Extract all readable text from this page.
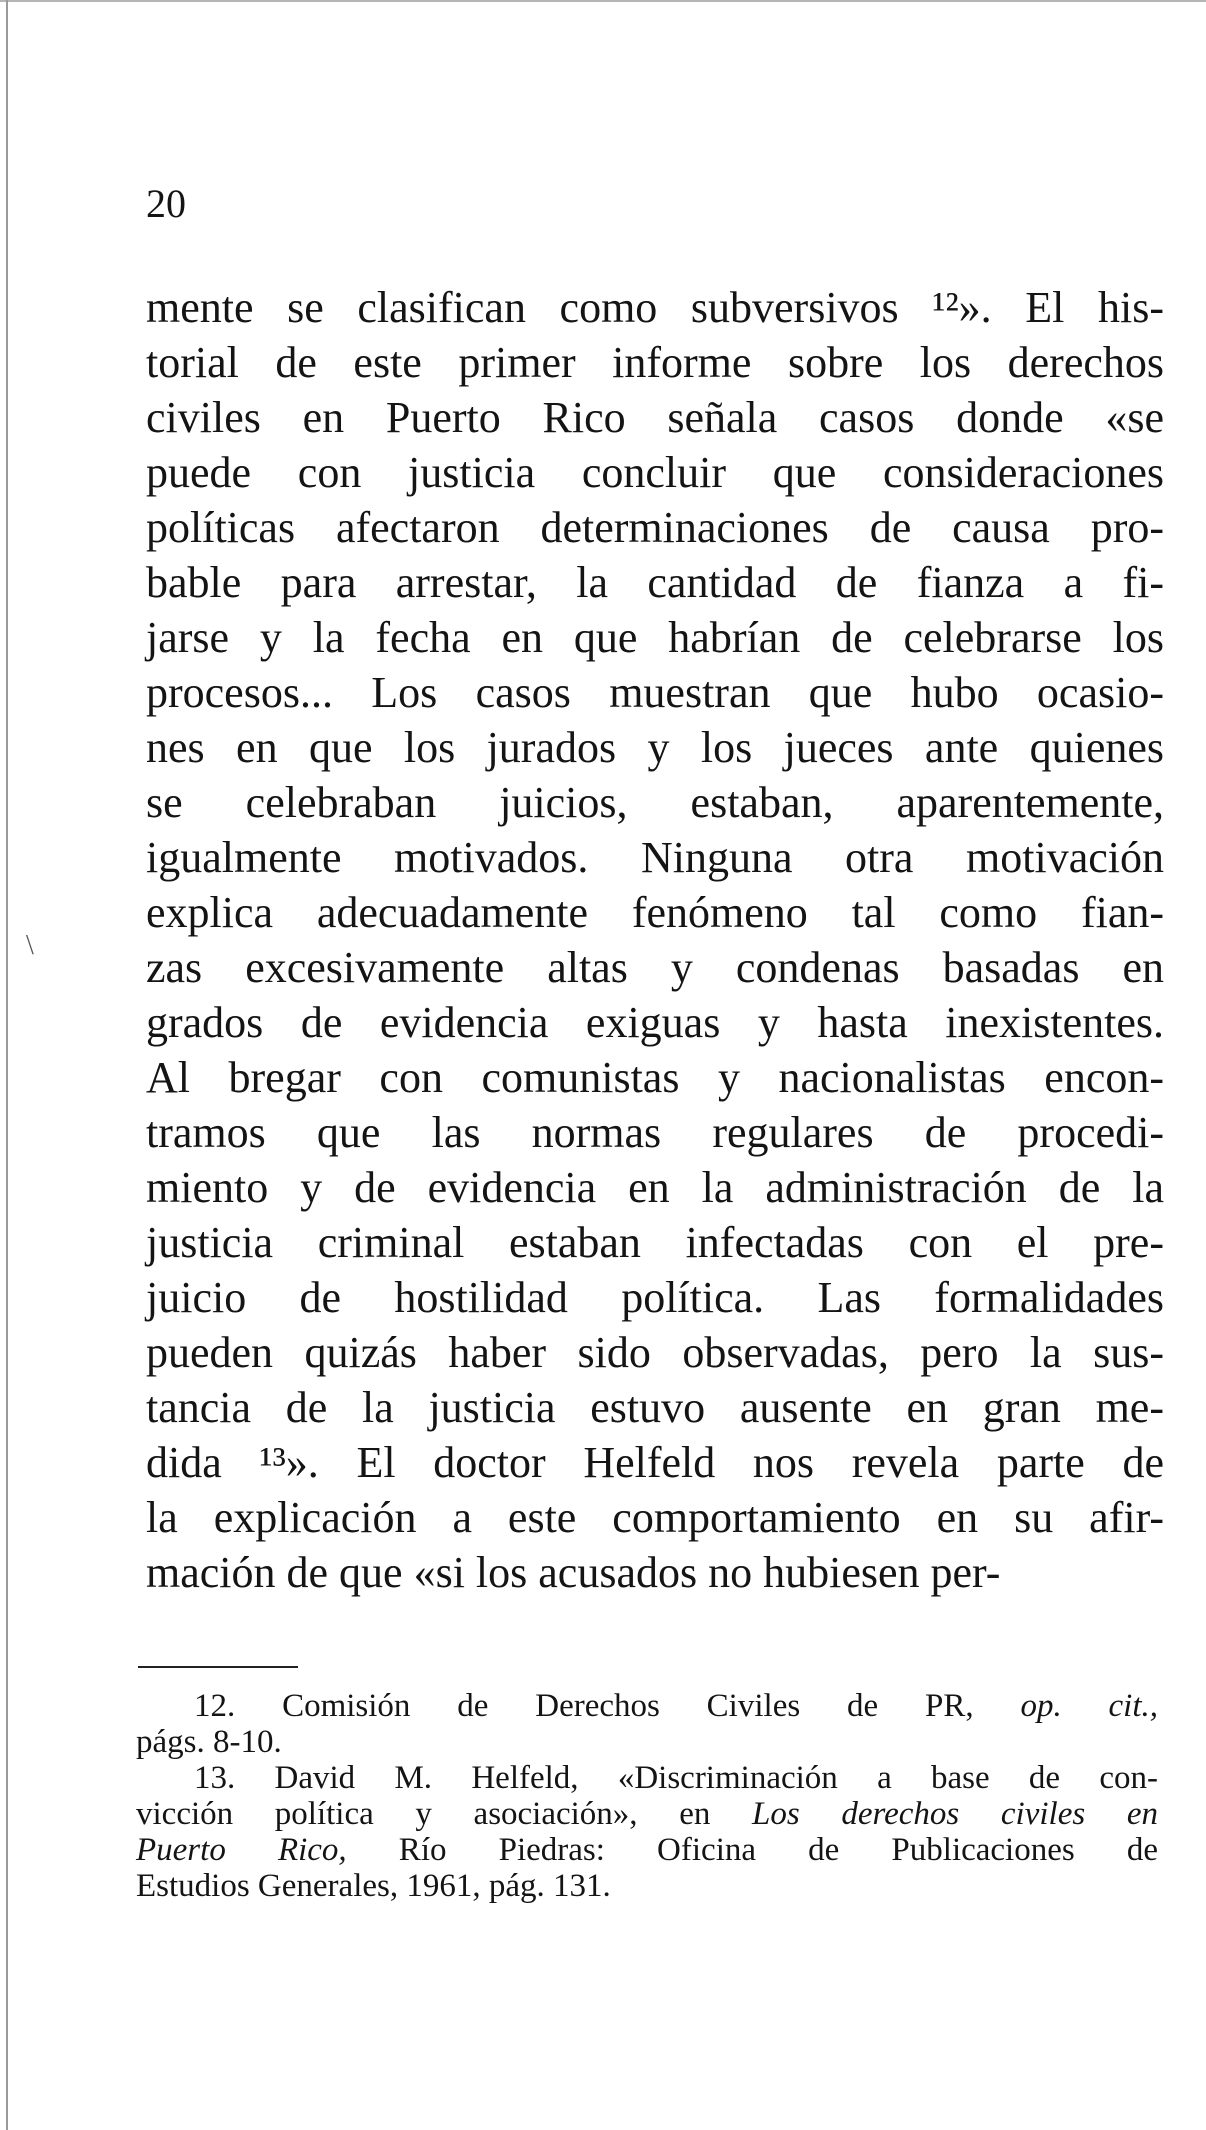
20
\
mente se clasifican como subversivos ¹²». El his-
torial de este primer informe sobre los derechos
civiles en Puerto Rico señala casos donde «se
puede con justicia concluir que consideraciones
políticas afectaron determinaciones de causa pro-
bable para arrestar, la cantidad de fianza a fi-
jarse y la fecha en que habrían de celebrarse los
procesos... Los casos muestran que hubo ocasio-
nes en que los jurados y los jueces ante quienes
se celebraban juicios, estaban, aparentemente,
igualmente motivados. Ninguna otra motivación
explica adecuadamente fenómeno tal como fian-
zas excesivamente altas y condenas basadas en
grados de evidencia exiguas y hasta inexistentes.
Al bregar con comunistas y nacionalistas encon-
tramos que las normas regulares de procedi-
miento y de evidencia en la administración de la
justicia criminal estaban infectadas con el pre-
juicio de hostilidad política. Las formalidades
pueden quizás haber sido observadas, pero la sus-
tancia de la justicia estuvo ausente en gran me-
dida ¹³». El doctor Helfeld nos revela parte de
la explicación a este comportamiento en su afir-
mación de que «si los acusados no hubiesen per-
12. Comisión de Derechos Civiles de PR, op. cit.,
págs. 8-10.
13. David M. Helfeld, «Discriminación a base de con-
vicción política y asociación», en Los derechos civiles en
Puerto Rico, Río Piedras: Oficina de Publicaciones de
Estudios Generales, 1961, pág. 131.
